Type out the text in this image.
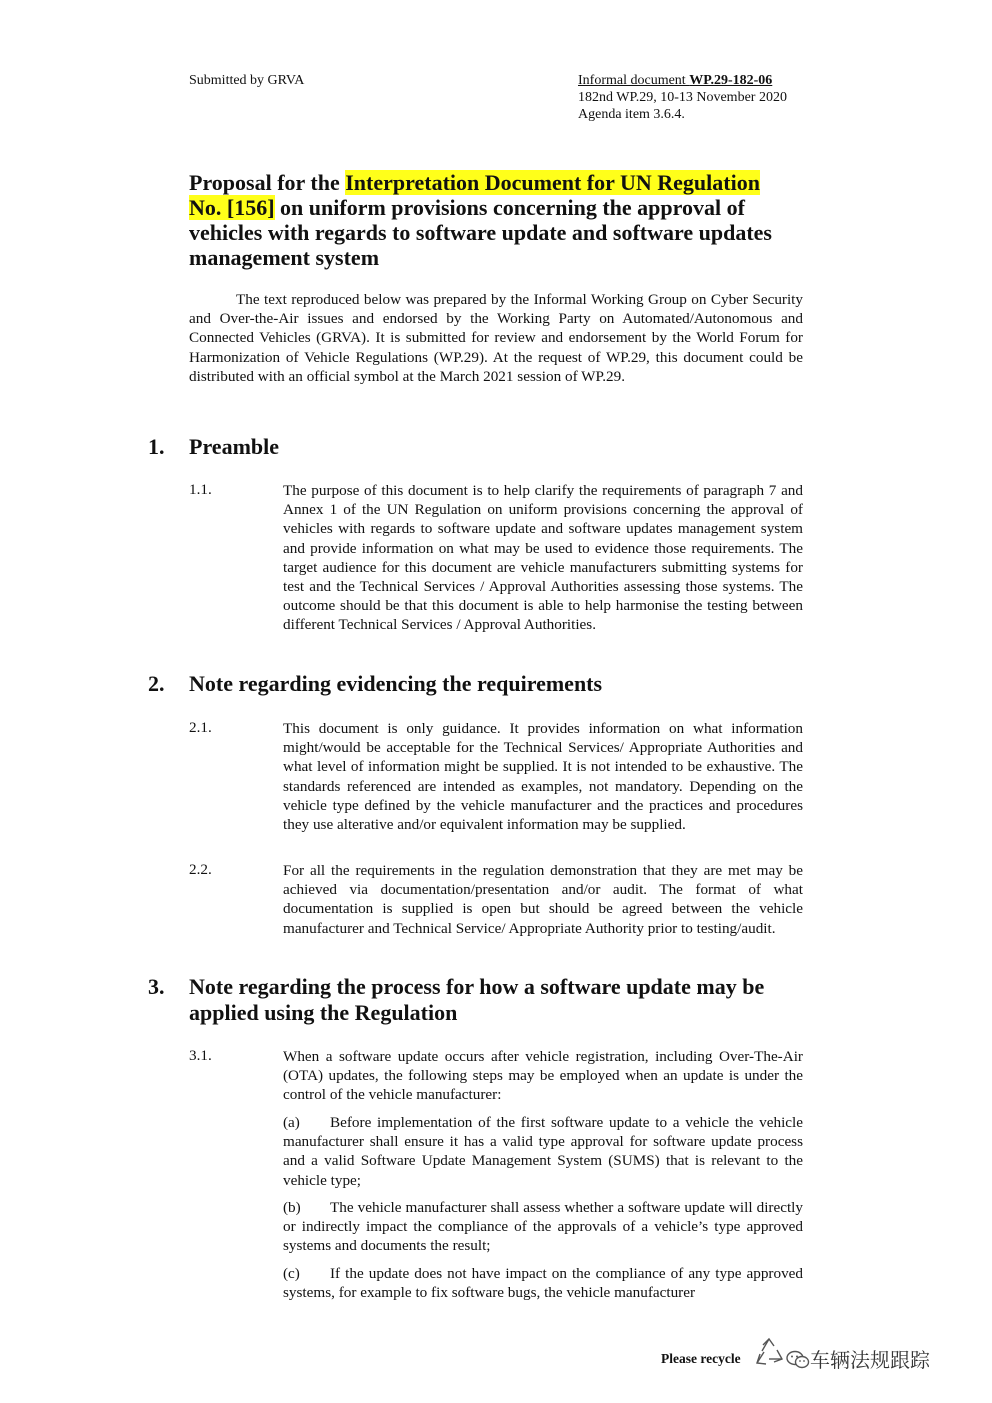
Submitted by GRVA	Informal document WP.29-182-06
182nd WP.29, 10-13 November 2020
Agenda item 3.6.4.
Proposal for the Interpretation Document for UN Regulation
No. [156] on uniform provisions concerning the approval of vehicles with regards to software update and software updates management system
The text reproduced below was prepared by the Informal Working Group on Cyber Security and Over-the-Air issues and endorsed by the Working Party on Automated/Autonomous and Connected Vehicles (GRVA). It is submitted for review and endorsement by the World Forum for Harmonization of Vehicle Regulations (WP.29). At the request of WP.29, this document could be distributed with an official symbol at the March 2021 session of WP.29.
1. Preamble
1.1.	The purpose of this document is to help clarify the requirements of paragraph 7 and Annex 1 of the UN Regulation on uniform provisions concerning the approval of vehicles with regards to software update and software updates management system and provide information on what may be used to evidence those requirements. The target audience for this document are vehicle manufacturers submitting systems for test and the Technical Services / Approval Authorities assessing those systems. The outcome should be that this document is able to help harmonise the testing between different Technical Services / Approval Authorities.
2. Note regarding evidencing the requirements
2.1.	This document is only guidance. It provides information on what information might/would be acceptable for the Technical Services/ Appropriate Authorities and what level of information might be supplied. It is not intended to be exhaustive. The standards referenced are intended as examples, not mandatory. Depending on the vehicle type defined by the vehicle manufacturer and the practices and procedures they use alterative and/or equivalent information may be supplied.
2.2.	For all the requirements in the regulation demonstration that they are met may be achieved via documentation/presentation and/or audit. The format of what documentation is supplied is open but should be agreed between the vehicle manufacturer and Technical Service/ Appropriate Authority prior to testing/audit.
3. Note regarding the process for how a software update may be applied using the Regulation
3.1.	When a software update occurs after vehicle registration, including Over-The-Air (OTA) updates, the following steps may be employed when an update is under the control of the vehicle manufacturer:
(a) Before implementation of the first software update to a vehicle the vehicle manufacturer shall ensure it has a valid type approval for software update process and a valid Software Update Management System (SUMS) that is relevant to the vehicle type;
(b) The vehicle manufacturer shall assess whether a software update will directly or indirectly impact the compliance of the approvals of a vehicle’s type approved systems and documents the result;
(c) If the update does not have impact on the compliance of any type approved systems, for example to fix software bugs, the vehicle manufacturer
Please recycle	车辆法规跟踪
